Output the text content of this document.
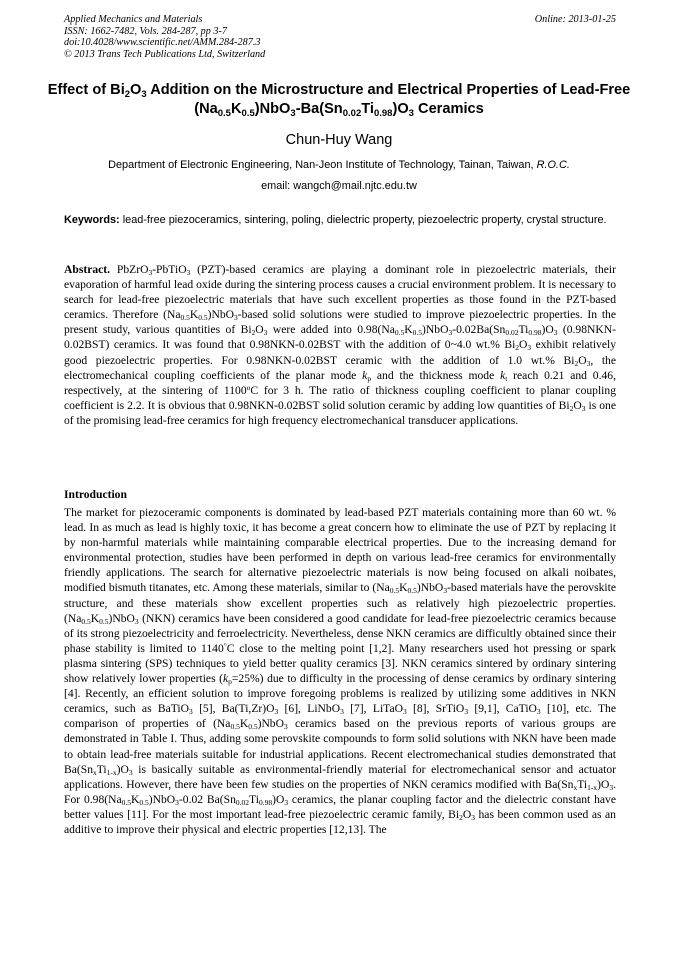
Applied Mechanics and Materials
ISSN: 1662-7482, Vols. 284-287, pp 3-7
doi:10.4028/www.scientific.net/AMM.284-287.3
© 2013 Trans Tech Publications Ltd, Switzerland
Online: 2013-01-25
Effect of $Bi_2O_3$ Addition on the Microstructure and Electrical Properties of Lead-Free $(Na_{0.5}K_{0.5})NbO_3-Ba(Sn_{0.02}Ti_{0.98})O_3$ Ceramics
Chun-Huy Wang
Department of Electronic Engineering, Nan-Jeon Institute of Technology, Tainan, Taiwan, R.O.C.
email: wangch@mail.njtc.edu.tw
Keywords: lead-free piezoceramics, sintering, poling, dielectric property, piezoelectric property, crystal structure.

Abstract. PbZrO$_3$-PbTiO$_3$ (PZT)-based ceramics are playing a dominant role in piezoelectric materials, their evaporation of harmful lead oxide during the sintering process causes a crucial environment problem. It is necessary to search for lead-free piezoelectric materials that have such excellent properties as those found in the PZT-based ceramics. Therefore $(Na_{0.5}K_{0.5})NbO_3$-based solid solutions were studied to improve piezoelectric properties. In the present study, various quantities of $Bi_2O_3$ were added into $0.98(Na_{0.5}K_{0.5})NbO_3-0.02Ba(Sn_{0.02}Ti_{0.98})O_3$ (0.98NKN-0.02BST) ceramics. It was found that 0.98NKN-0.02BST with the addition of 0~4.0 wt.% $Bi_2O_3$ exhibit relatively good piezoelectric properties. For 0.98NKN-0.02BST ceramic with the addition of 1.0 wt.% $Bi_2O_3$, the electromechanical coupling coefficients of the planar mode $k_p$ and the thickness mode $k_t$ reach 0.21 and 0.46, respectively, at the sintering of 1100$^o$C for 3 h. The ratio of thickness coupling coefficient to planar coupling coefficient is 2.2. It is obvious that 0.98NKN-0.02BST solid solution ceramic by adding low quantities of $Bi_2O_3$ is one of the promising lead-free ceramics for high frequency electromechanical transducer applications.

Introduction

The market for piezoceramic components is dominated by lead-based PZT materials containing more than 60 wt. % lead. In as much as lead is highly toxic, it has become a great concern how to eliminate the use of PZT by replacing it by non-harmful materials while maintaining comparable electrical properties. Due to the increasing demand for environmental protection, studies have been performed in depth on various lead-free ceramics for environmentally friendly applications. The search for alternative piezoelectric materials is now being focused on alkali noibates, modified bismuth titanates, etc. Among these materials, similar to $(Na_{0.5}K_{0.5})NbO_3$-based materials have the perovskite structure, and these materials show excellent properties such as relatively high piezoelectric properties. $(Na_{0.5}K_{0.5})NbO_3$ (NKN) ceramics have been considered a good candidate for lead-free piezoelectric ceramics because of its strong piezoelectricity and ferroelectricity. Nevertheless, dense NKN ceramics are difficultly obtained since their phase stability is limited to 1140°C close to the melting point [1,2]. Many researchers used hot pressing or spark plasma sintering (SPS) techniques to yield better quality ceramics [3]. NKN ceramics sintered by ordinary sintering show relatively lower properties $(k_p=25\%)$ due to difficulty in the processing of dense ceramics by ordinary sintering [4]. Recently, an efficient solution to improve foregoing problems is realized by utilizing some additives in NKN ceramics, such as BaTiO$_3$ [5], $Ba(Ti,Zr)O_3$ [6], LiNbO$_3$ [7], LiTaO$_3$ [8], SrTiO$_3$ [9,1], CaTiO$_3$ [10], etc. The comparison of properties of $(Na_{0.5}K_{0.5})NbO_3$ ceramics based on the previous reports of various groups are demonstrated in Table I. Thus, adding some perovskite compounds to form solid solutions with NKN have been made to obtain lead-free materials suitable for industrial applications. Recent electromechanical studies demonstrated that $Ba(Sn_xTi_{1-x})O_3$ is basically suitable as environmental-friendly material for electromechanical sensor and actuator applications. However, there have been few studies on the properties of NKN ceramics modified with $Ba(Sn_xTi_{1-x})O_3$. For $0.98(Na_{0.5}K_{0.5})NbO_3-0.02$ $Ba(Sn_{0.02}Ti_{0.98})O_3$ ceramics, the planar coupling factor and the dielectric constant have better values [11]. For the most important lead-free piezoelectric ceramic family, $Bi_2O_3$ has been common used as an additive to improve their physical and electric properties [12,13]. The
